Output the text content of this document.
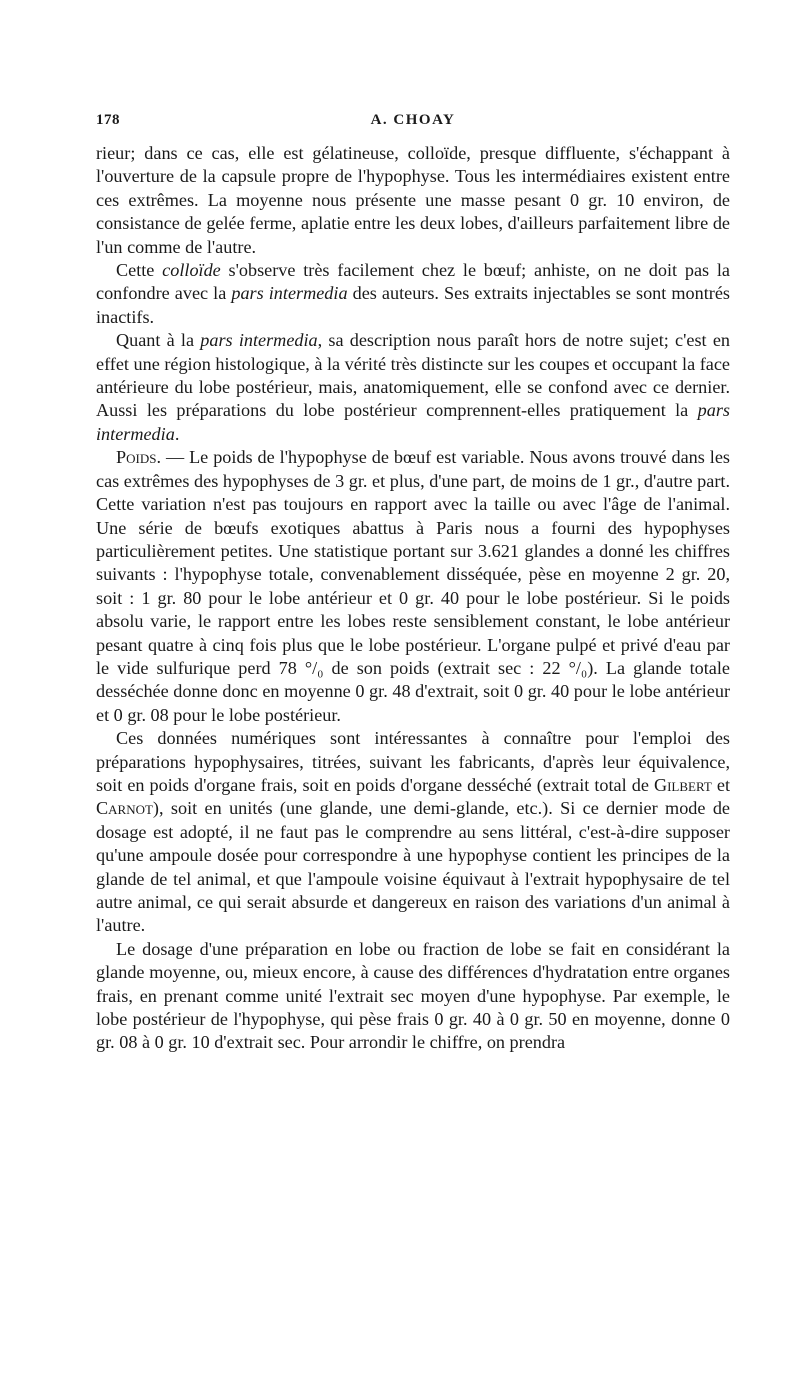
178	A. CHOAY

rieur; dans ce cas, elle est gélatineuse, colloïde, presque diffluente, s'échappant à l'ouverture de la capsule propre de l'hypophyse. Tous les intermédiaires existent entre ces extrêmes. La moyenne nous présente une masse pesant 0 gr. 10 environ, de consistance de gelée ferme, aplatie entre les deux lobes, d'ailleurs parfaitement libre de l'un comme de l'autre.

Cette colloïde s'observe très facilement chez le bœuf; anhiste, on ne doit pas la confondre avec la pars intermedia des auteurs. Ses extraits injectables se sont montrés inactifs.

Quant à la pars intermedia, sa description nous paraît hors de notre sujet; c'est en effet une région histologique, à la vérité très distincte sur les coupes et occupant la face antérieure du lobe postérieur, mais, anatomiquement, elle se confond avec ce dernier. Aussi les préparations du lobe postérieur comprennent-elles pratiquement la pars intermedia.

Poids. — Le poids de l'hypophyse de bœuf est variable. Nous avons trouvé dans les cas extrêmes des hypophyses de 3 gr. et plus, d'une part, de moins de 1 gr., d'autre part. Cette variation n'est pas toujours en rapport avec la taille ou avec l'âge de l'animal. Une série de bœufs exotiques abattus à Paris nous a fourni des hypophyses particulièrement petites. Une statistique portant sur 3.621 glandes a donné les chiffres suivants : l'hypophyse totale, convenablement disséquée, pèse en moyenne 2 gr. 20, soit : 1 gr. 80 pour le lobe antérieur et 0 gr. 40 pour le lobe postérieur. Si le poids absolu varie, le rapport entre les lobes reste sensiblement constant, le lobe antérieur pesant quatre à cinq fois plus que le lobe postérieur. L'organe pulpé et privé d'eau par le vide sulfurique perd 78 °/₀ de son poids (extrait sec : 22 °/₀). La glande totale desséchée donne donc en moyenne 0 gr. 48 d'extrait, soit 0 gr. 40 pour le lobe antérieur et 0 gr. 08 pour le lobe postérieur.

Ces données numériques sont intéressantes à connaître pour l'emploi des préparations hypophysaires, titrées, suivant les fabricants, d'après leur équivalence, soit en poids d'organe frais, soit en poids d'organe desséché (extrait total de Gilbert et Carnot), soit en unités (une glande, une demi-glande, etc.). Si ce dernier mode de dosage est adopté, il ne faut pas le comprendre au sens littéral, c'est-à-dire supposer qu'une ampoule dosée pour correspondre à une hypophyse contient les principes de la glande de tel animal, et que l'ampoule voisine équivaut à l'extrait hypophysaire de tel autre animal, ce qui serait absurde et dangereux en raison des variations d'un animal à l'autre.

Le dosage d'une préparation en lobe ou fraction de lobe se fait en considérant la glande moyenne, ou, mieux encore, à cause des différences d'hydratation entre organes frais, en prenant comme unité l'extrait sec moyen d'une hypophyse. Par exemple, le lobe postérieur de l'hypophyse, qui pèse frais 0 gr. 40 à 0 gr. 50 en moyenne, donne 0 gr. 08 à 0 gr. 10 d'extrait sec. Pour arrondir le chiffre, on prendra
